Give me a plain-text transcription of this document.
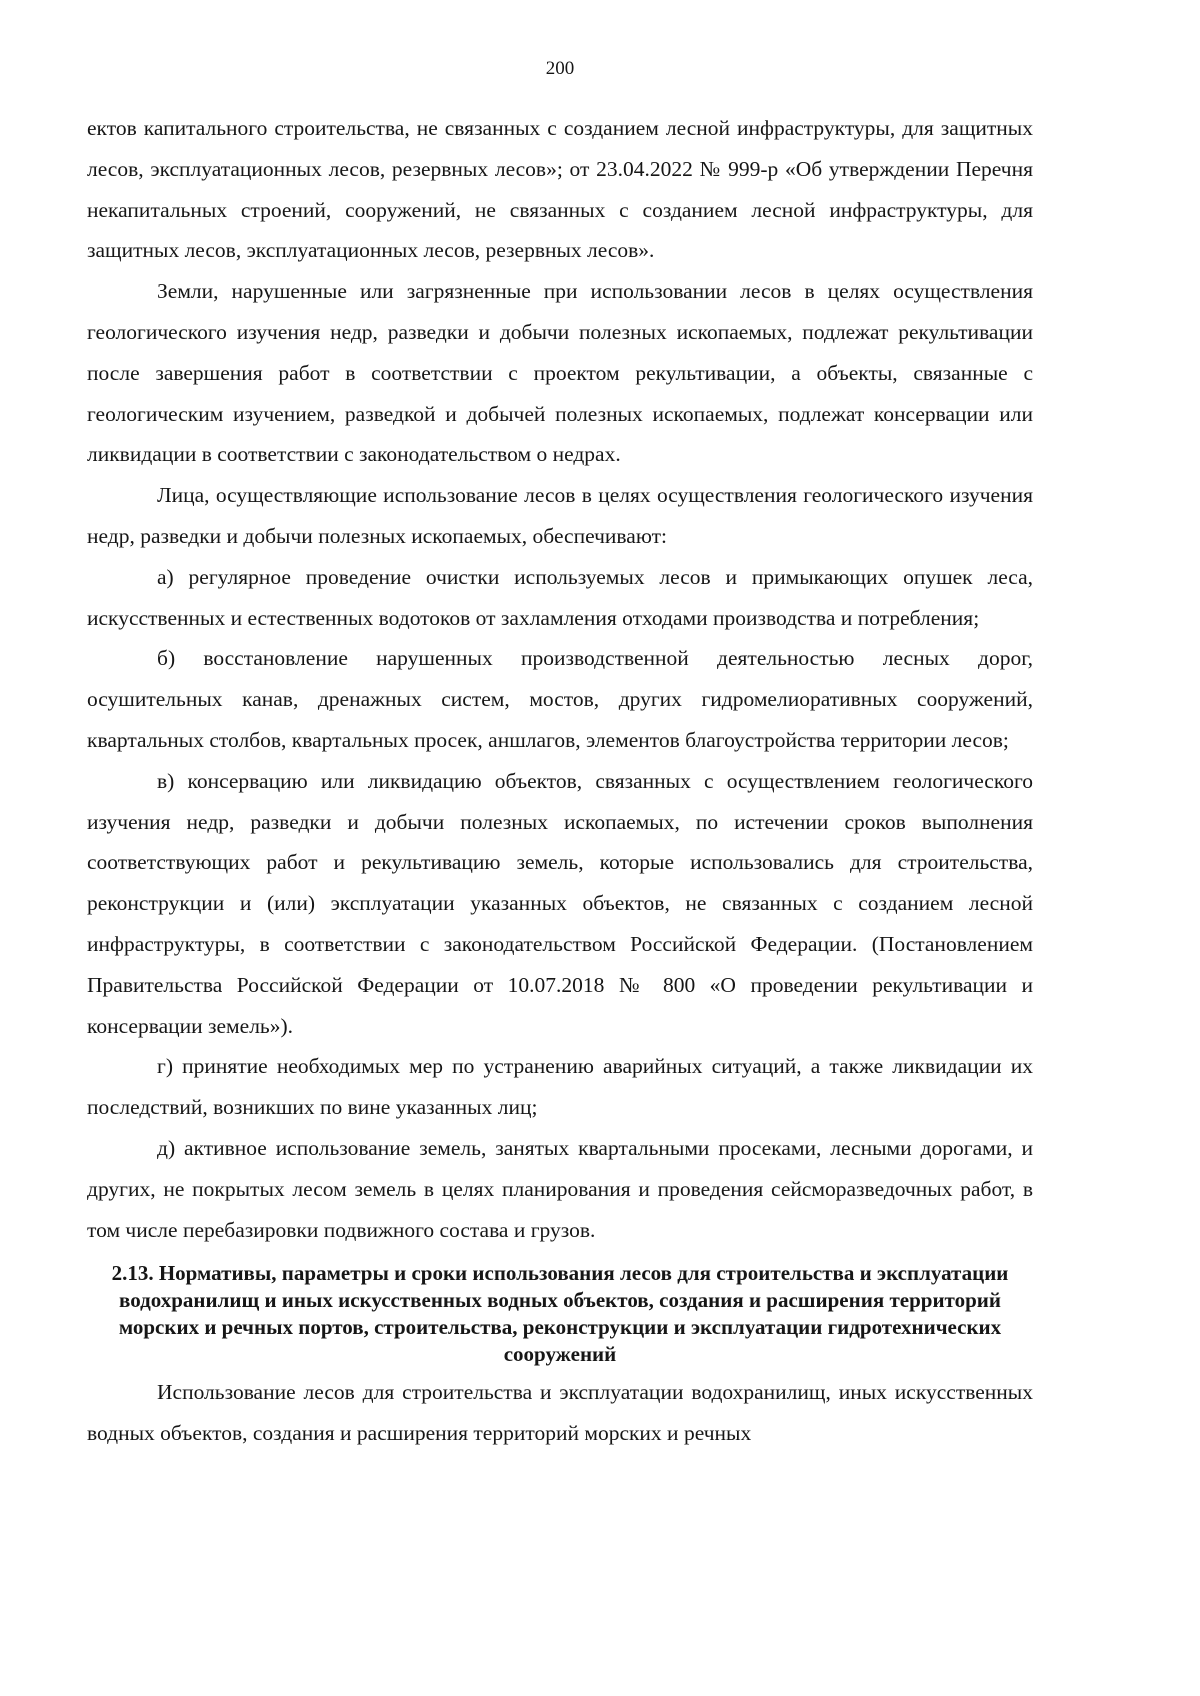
200

ектов капитального строительства, не связанных с созданием лесной инфраструктуры, для защитных лесов, эксплуатационных лесов, резервных лесов»; от 23.04.2022 № 999-р «Об утверждении Перечня некапитальных строений, сооружений, не связанных с созданием лесной инфраструктуры, для защитных лесов, эксплуатационных лесов, резервных лесов».

Земли, нарушенные или загрязненные при использовании лесов в целях осуществления геологического изучения недр, разведки и добычи полезных ископаемых, подлежат рекультивации после завершения работ в соответствии с проектом рекультивации, а объекты, связанные с геологическим изучением, разведкой и добычей полезных ископаемых, подлежат консервации или ликвидации в соответствии с законодательством о недрах.

Лица, осуществляющие использование лесов в целях осуществления геологического изучения недр, разведки и добычи полезных ископаемых, обеспечивают:

а) регулярное проведение очистки используемых лесов и примыкающих опушек леса, искусственных и естественных водотоков от захламления отходами производства и потребления;

б) восстановление нарушенных производственной деятельностью лесных дорог, осушительных канав, дренажных систем, мостов, других гидромелиоративных сооружений, квартальных столбов, квартальных просек, аншлагов, элементов благоустройства территории лесов;

в) консервацию или ликвидацию объектов, связанных с осуществлением геологического изучения недр, разведки и добычи полезных ископаемых, по истечении сроков выполнения соответствующих работ и рекультивацию земель, которые использовались для строительства, реконструкции и (или) эксплуатации указанных объектов, не связанных с созданием лесной инфраструктуры, в соответствии с законодательством Российской Федерации. (Постановлением Правительства Российской Федерации от 10.07.2018 № 800 «О проведении рекультивации и консервации земель»).

г) принятие необходимых мер по устранению аварийных ситуаций, а также ликвидации их последствий, возникших по вине указанных лиц;

д) активное использование земель, занятых квартальными просеками, лесными дорогами, и других, не покрытых лесом земель в целях планирования и проведения сейсморазведочных работ, в том числе перебазировки подвижного состава и грузов.

2.13. Нормативы, параметры и сроки использования лесов для строительства и эксплуатации водохранилищ и иных искусственных водных объектов, создания и расширения территорий морских и речных портов, строительства, реконструкции и эксплуатации гидротехнических сооружений

Использование лесов для строительства и эксплуатации водохранилищ, иных искусственных водных объектов, создания и расширения территорий морских и речных
